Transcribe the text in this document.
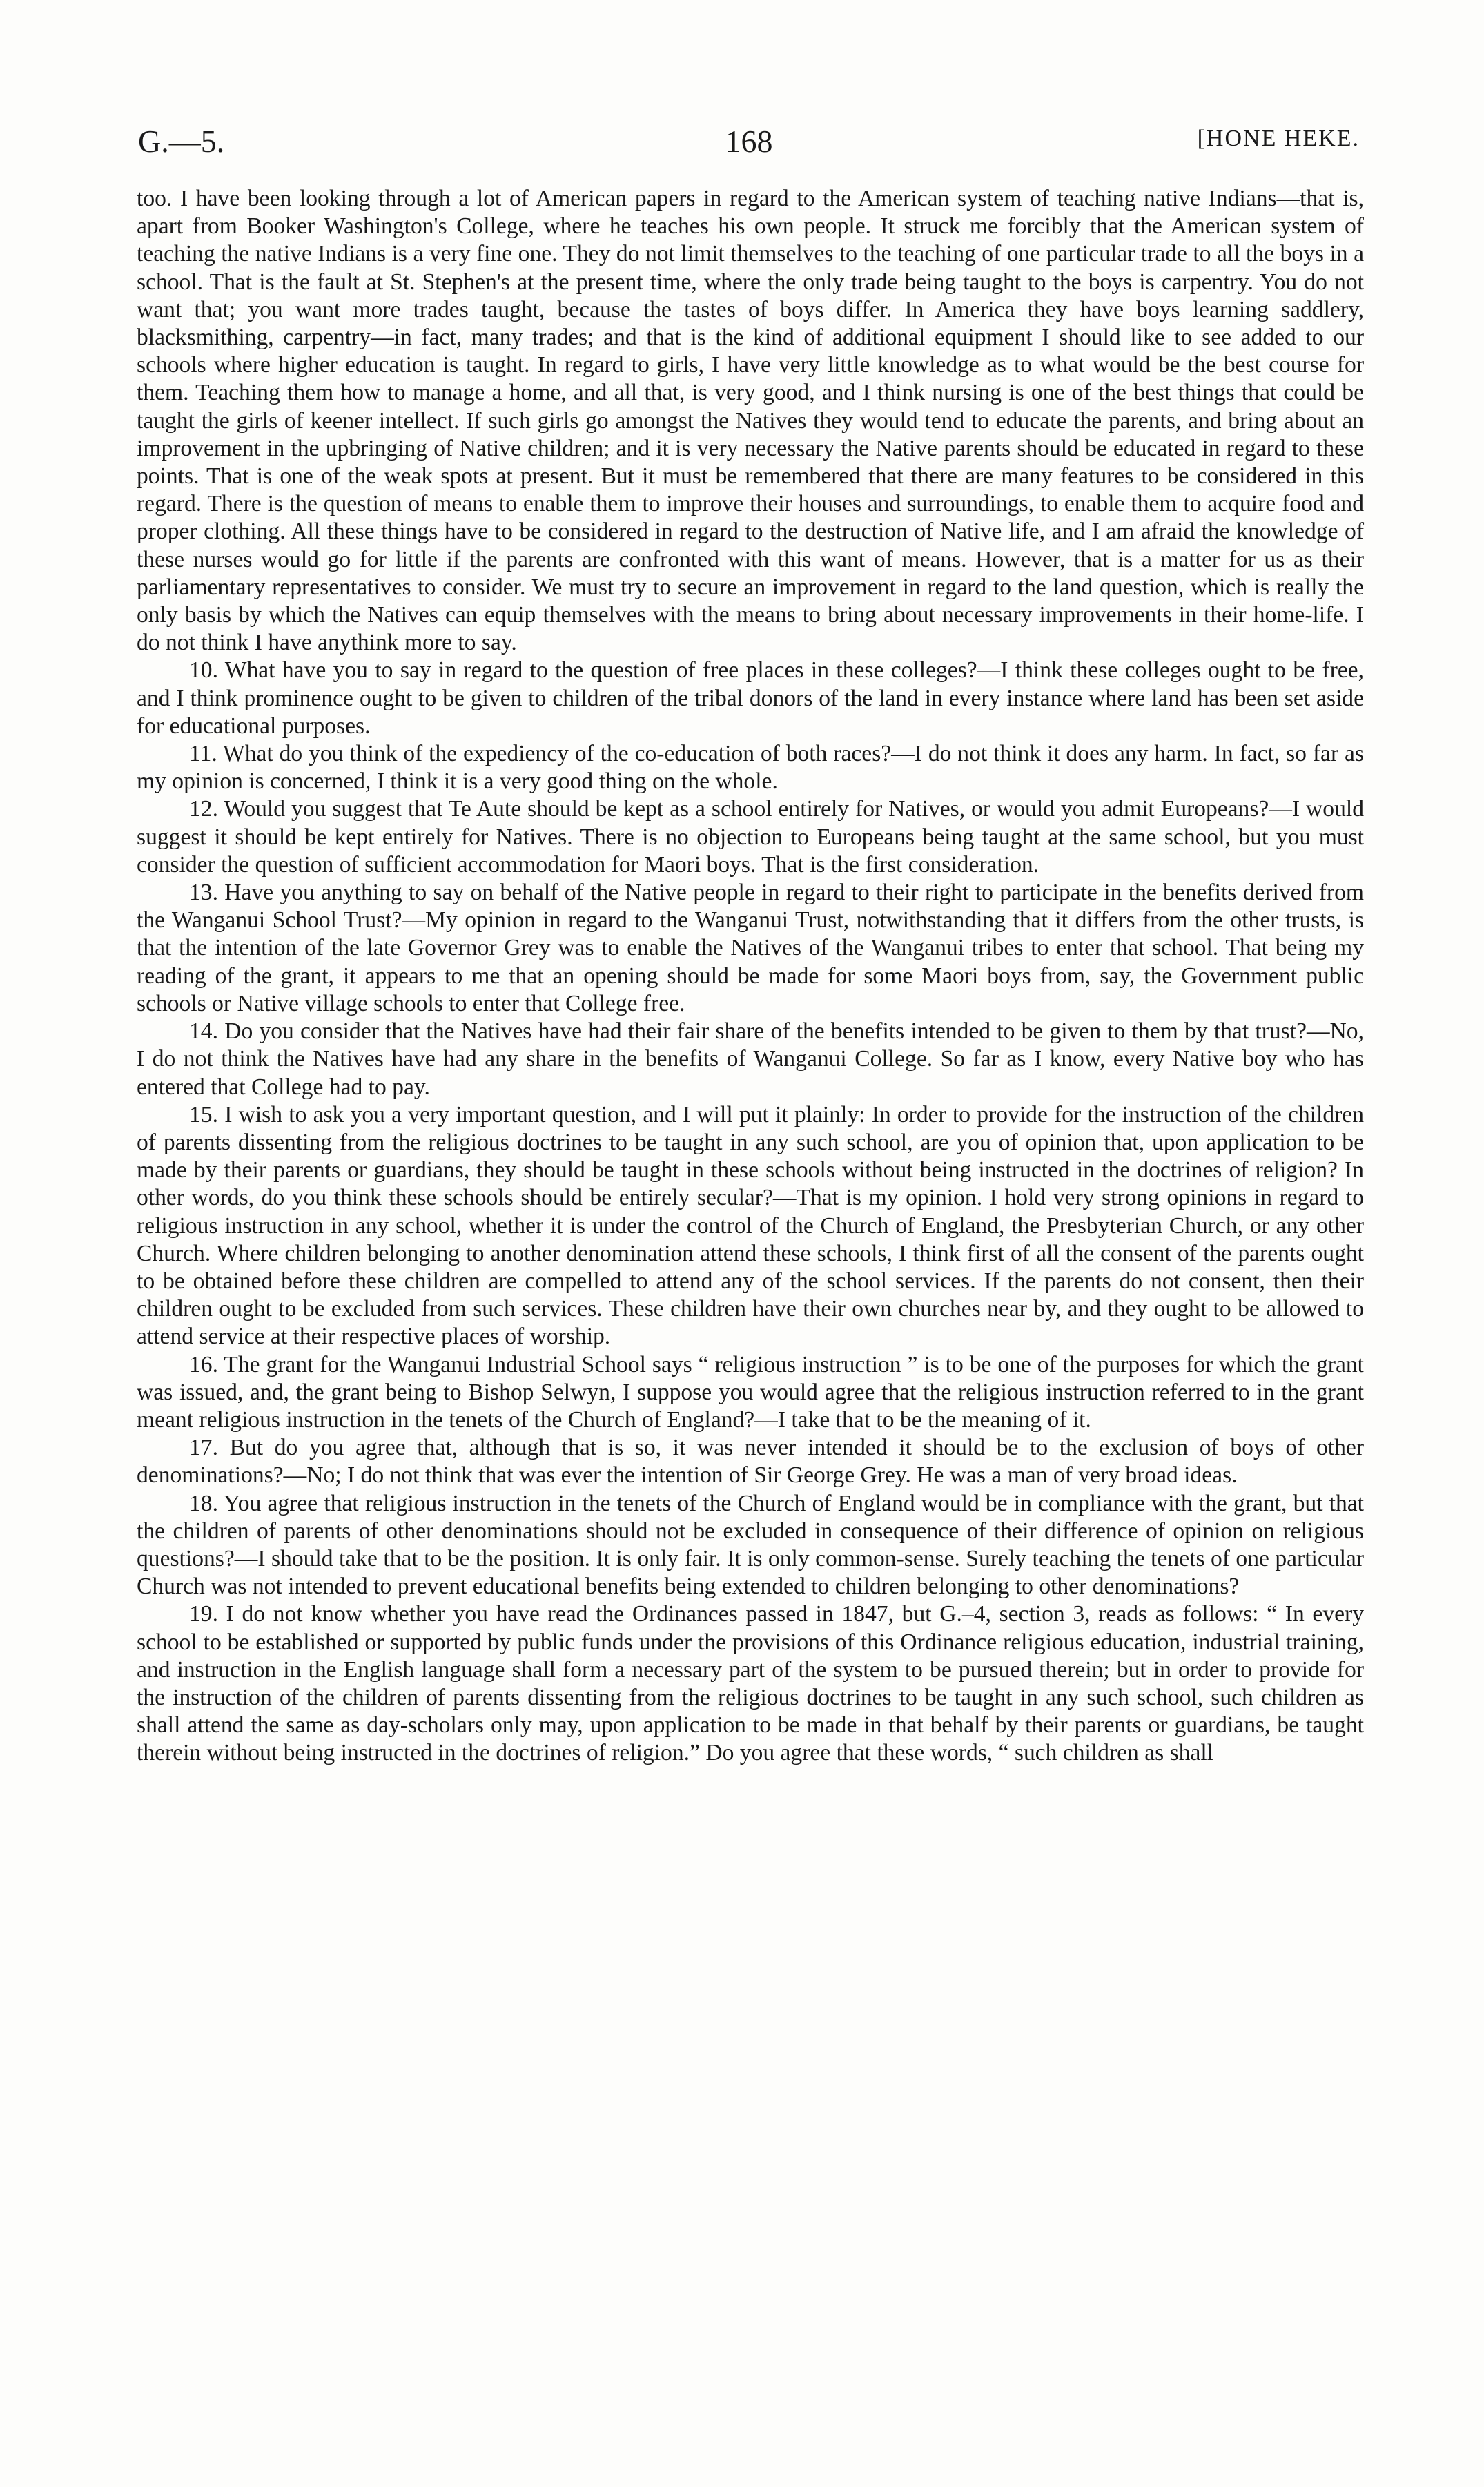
G.—5.	168	[HONE HEKE.

too. I have been looking through a lot of American papers in regard to the American system of teaching native Indians—that is, apart from Booker Washington's College, where he teaches his own people. It struck me forcibly that the American system of teaching the native Indians is a very fine one. They do not limit themselves to the teaching of one particular trade to all the boys in a school. That is the fault at St. Stephen's at the present time, where the only trade being taught to the boys is carpentry. You do not want that; you want more trades taught, because the tastes of boys differ. In America they have boys learning saddlery, blacksmithing, carpentry—in fact, many trades; and that is the kind of additional equipment I should like to see added to our schools where higher education is taught. In regard to girls, I have very little knowledge as to what would be the best course for them. Teaching them how to manage a home, and all that, is very good, and I think nursing is one of the best things that could be taught the girls of keener intellect. If such girls go amongst the Natives they would tend to educate the parents, and bring about an improvement in the upbringing of Native children; and it is very necessary the Native parents should be educated in regard to these points. That is one of the weak spots at present. But it must be remembered that there are many features to be considered in this regard. There is the question of means to enable them to improve their houses and surroundings, to enable them to acquire food and proper clothing. All these things have to be considered in regard to the destruction of Native life, and I am afraid the knowledge of these nurses would go for little if the parents are confronted with this want of means. However, that is a matter for us as their parliamentary representatives to consider. We must try to secure an improvement in regard to the land question, which is really the only basis by which the Natives can equip themselves with the means to bring about necessary improvements in their home-life. I do not think I have anythink more to say.

10. What have you to say in regard to the question of free places in these colleges?—I think these colleges ought to be free, and I think prominence ought to be given to children of the tribal donors of the land in every instance where land has been set aside for educational purposes.

11. What do you think of the expediency of the co-education of both races?—I do not think it does any harm. In fact, so far as my opinion is concerned, I think it is a very good thing on the whole.

12. Would you suggest that Te Aute should be kept as a school entirely for Natives, or would you admit Europeans?—I would suggest it should be kept entirely for Natives. There is no objection to Europeans being taught at the same school, but you must consider the question of sufficient accommodation for Maori boys. That is the first consideration.

13. Have you anything to say on behalf of the Native people in regard to their right to participate in the benefits derived from the Wanganui School Trust?—My opinion in regard to the Wanganui Trust, notwithstanding that it differs from the other trusts, is that the intention of the late Governor Grey was to enable the Natives of the Wanganui tribes to enter that school. That being my reading of the grant, it appears to me that an opening should be made for some Maori boys from, say, the Government public schools or Native village schools to enter that College free.

14. Do you consider that the Natives have had their fair share of the benefits intended to be given to them by that trust?—No, I do not think the Natives have had any share in the benefits of Wanganui College. So far as I know, every Native boy who has entered that College had to pay.

15. I wish to ask you a very important question, and I will put it plainly: In order to provide for the instruction of the children of parents dissenting from the religious doctrines to be taught in any such school, are you of opinion that, upon application to be made by their parents or guardians, they should be taught in these schools without being instructed in the doctrines of religion? In other words, do you think these schools should be entirely secular?—That is my opinion. I hold very strong opinions in regard to religious instruction in any school, whether it is under the control of the Church of England, the Presbyterian Church, or any other Church. Where children belonging to another denomination attend these schools, I think first of all the consent of the parents ought to be obtained before these children are compelled to attend any of the school services. If the parents do not consent, then their children ought to be excluded from such services. These children have their own churches near by, and they ought to be allowed to attend service at their respective places of worship.

16. The grant for the Wanganui Industrial School says “ religious instruction ” is to be one of the purposes for which the grant was issued, and, the grant being to Bishop Selwyn, I suppose you would agree that the religious instruction referred to in the grant meant religious instruction in the tenets of the Church of England?—I take that to be the meaning of it.

17. But do you agree that, although that is so, it was never intended it should be to the exclusion of boys of other denominations?—No; I do not think that was ever the intention of Sir George Grey. He was a man of very broad ideas.

18. You agree that religious instruction in the tenets of the Church of England would be in compliance with the grant, but that the children of parents of other denominations should not be excluded in consequence of their difference of opinion on religious questions?—I should take that to be the position. It is only fair. It is only common-sense. Surely teaching the tenets of one particular Church was not intended to prevent educational benefits being extended to children belonging to other denominations?

19. I do not know whether you have read the Ordinances passed in 1847, but G.–4, section 3, reads as follows: “ In every school to be established or supported by public funds under the provisions of this Ordinance religious education, industrial training, and instruction in the English language shall form a necessary part of the system to be pursued therein; but in order to provide for the instruction of the children of parents dissenting from the religious doctrines to be taught in any such school, such children as shall attend the same as day-scholars only may, upon application to be made in that behalf by their parents or guardians, be taught therein without being instructed in the doctrines of religion.” Do you agree that these words, “ such children as shall
